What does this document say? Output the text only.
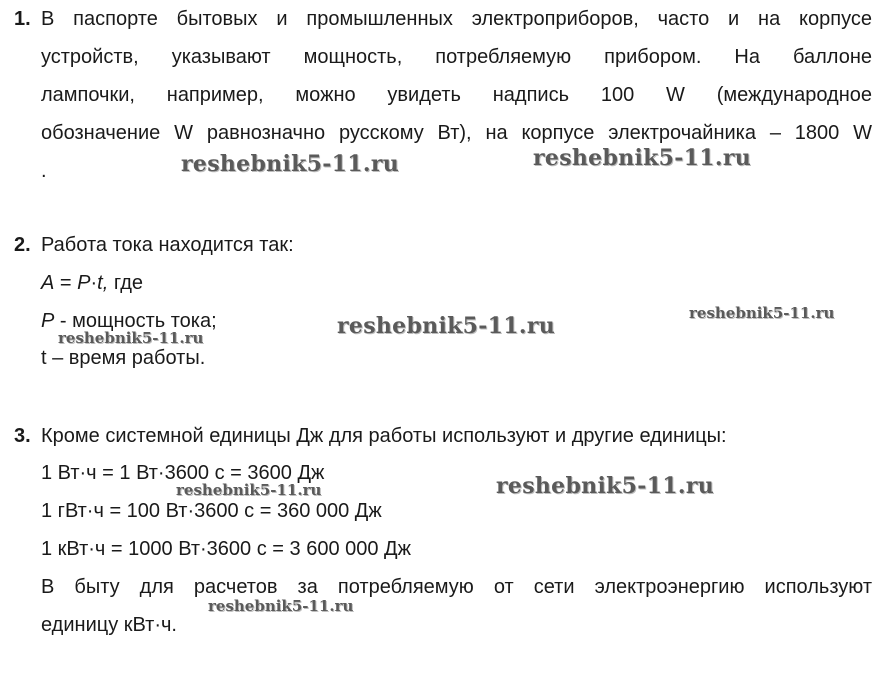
1. В паспорте бытовых и промышленных электроприборов, часто и на корпусе
устройств, указывают мощность, потребляемую прибором. На баллоне
лампочки, например, можно увидеть надпись 100 W (международное
обозначение W равнозначно русскому Вт), на корпусе электрочайника – 1800 W
.
2. Работа тока находится так:
A = P·t, где
P - мощность тока;
t – время работы.
3. Кроме системной единицы Дж для работы используют и другие единицы:
1 Вт·ч = 1 Вт·3600 с = 3600 Дж
1 гВт·ч = 100 Вт·3600 с = 360 000 Дж
1 кВт·ч = 1000 Вт·3600 с = 3 600 000 Дж
В быту для расчетов за потребляемую от сети электроэнергию используют
единицу кВт·ч.
reshebnik5-11.ru	reshebnik5-11.ru
reshebnik5-11.ru	reshebnik5-11.ru
reshebnik5-11.ru
reshebnik5-11.ru
reshebnik5-11.ru
reshebnik5-11.ru
